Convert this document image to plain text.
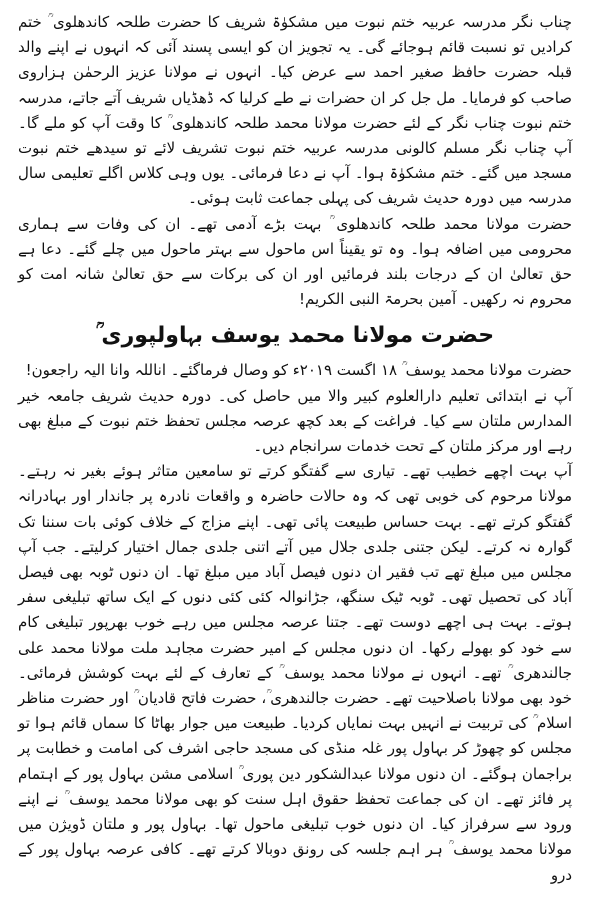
چناب نگر مدرسہ عربیہ ختم نبوت میں مشکوٰۃ شریف کا حضرت طلحہ کاندھلوی ؒ ختم کرادیں تو نسبت قائم ہوجائے گی۔ یہ تجویز ان کو ایسی پسند آئی کہ انہوں نے اپنے والد قبلہ حضرت حافظ صغیر احمد سے عرض کیا۔ انہوں نے مولانا عزیز الرحمٰن ہزاروی صاحب کو فرمایا۔ مل جل کر ان حضرات نے طے کرلیا کہ ڈھڈیاں شریف آتے جاتے، مدرسہ ختم نبوت چناب نگر کے لئے حضرت مولانا محمد طلحہ کاندھلوی ؒ کا وقت آپ کو ملے گا۔ آپ چناب نگر مسلم کالونی مدرسہ عربیہ ختم نبوت تشریف لائے تو سیدھے ختم نبوت مسجد میں گئے۔ ختم مشکوٰۃ ہوا۔ آپ نے دعا فرمائی۔ یوں وہی کلاس اگلے تعلیمی سال مدرسہ میں دورہ حدیث شریف کی پہلی جماعت ثابت ہوئی۔

حضرت مولانا محمد طلحہ کاندھلوی ؒ بہت بڑے آدمی تھے۔ ان کی وفات سے ہماری محرومی میں اضافہ ہوا۔ وہ تو یقیناً اس ماحول سے بہتر ماحول میں چلے گئے۔ دعا ہے حق تعالیٰ ان کے درجات بلند فرمائیں اور ان کی برکات سے حق تعالیٰ شانہ امت کو محروم نہ رکھیں۔ آمین بحرمۃ النبی الکریم!

حضرت مولانا محمد یوسف بہاولپوری ؒ

حضرت مولانا محمد یوسف ؒ ۱۸ اگست ۲۰۱۹ء کو وصال فرماگئے۔ اناللہ وانا الیہ راجعون!

آپ نے ابتدائی تعلیم دارالعلوم کبیر والا میں حاصل کی۔ دورہ حدیث شریف جامعہ خیر المدارس ملتان سے کیا۔ فراغت کے بعد کچھ عرصہ مجلس تحفظ ختم نبوت کے مبلغ بھی رہے اور مرکز ملتان کے تحت خدمات سرانجام دیں۔

آپ بہت اچھے خطیب تھے۔ تیاری سے گفتگو کرتے تو سامعین متاثر ہوئے بغیر نہ رہتے۔ مولانا مرحوم کی خوبی تھی کہ وہ حالات حاضرہ و واقعات نادرہ پر جاندار اور بہادرانہ گفتگو کرتے تھے۔ بہت حساس طبیعت پائی تھی۔ اپنے مزاج کے خلاف کوئی بات سننا تک گوارہ نہ کرتے۔ لیکن جتنی جلدی جلال میں آتے اتنی جلدی جمال اختیار کرلیتے۔ جب آپ مجلس میں مبلغ تھے تب فقیر ان دنوں فیصل آباد میں مبلغ تھا۔ ان دنوں ٹوبہ بھی فیصل آباد کی تحصیل تھی۔ ٹوبہ ٹیک سنگھ، جڑانوالہ کئی کئی دنوں کے ایک ساتھ تبلیغی سفر ہوتے۔ بہت ہی اچھے دوست تھے۔ جتنا عرصہ مجلس میں رہے خوب بھرپور تبلیغی کام سے خود کو بھولے رکھا۔ ان دنوں مجلس کے امیر حضرت مجاہد ملت مولانا محمد علی جالندھری ؒ تھے۔ انہوں نے مولانا محمد یوسف ؒ کے تعارف کے لئے بہت کوشش فرمائی۔ خود بھی مولانا باصلاحیت تھے۔ حضرت جالندھری ؒ، حضرت فاتح قادیان ؒ اور حضرت مناظر اسلام ؒ کی تربیت نے انہیں بہت نمایاں کردیا۔ طبیعت میں جوار بھاٹا کا سماں قائم ہوا تو مجلس کو چھوڑ کر بہاول پور غلہ منڈی کی مسجد حاجی اشرف کی امامت و خطابت پر براجمان ہوگئے۔ ان دنوں مولانا عبدالشکور دین پوری ؒ اسلامی مشن بہاول پور کے اہتمام پر فائز تھے۔ ان کی جماعت تحفظ حقوق اہل سنت کو بھی مولانا محمد یوسف ؒ نے اپنے ورود سے سرفراز کیا۔ ان دنوں خوب تبلیغی ماحول تھا۔ بہاول پور و ملتان ڈویژن میں مولانا محمد یوسف ؒ ہر اہم جلسہ کی رونق دوبالا کرتے تھے۔ کافی عرصہ بہاول پور کے درو
